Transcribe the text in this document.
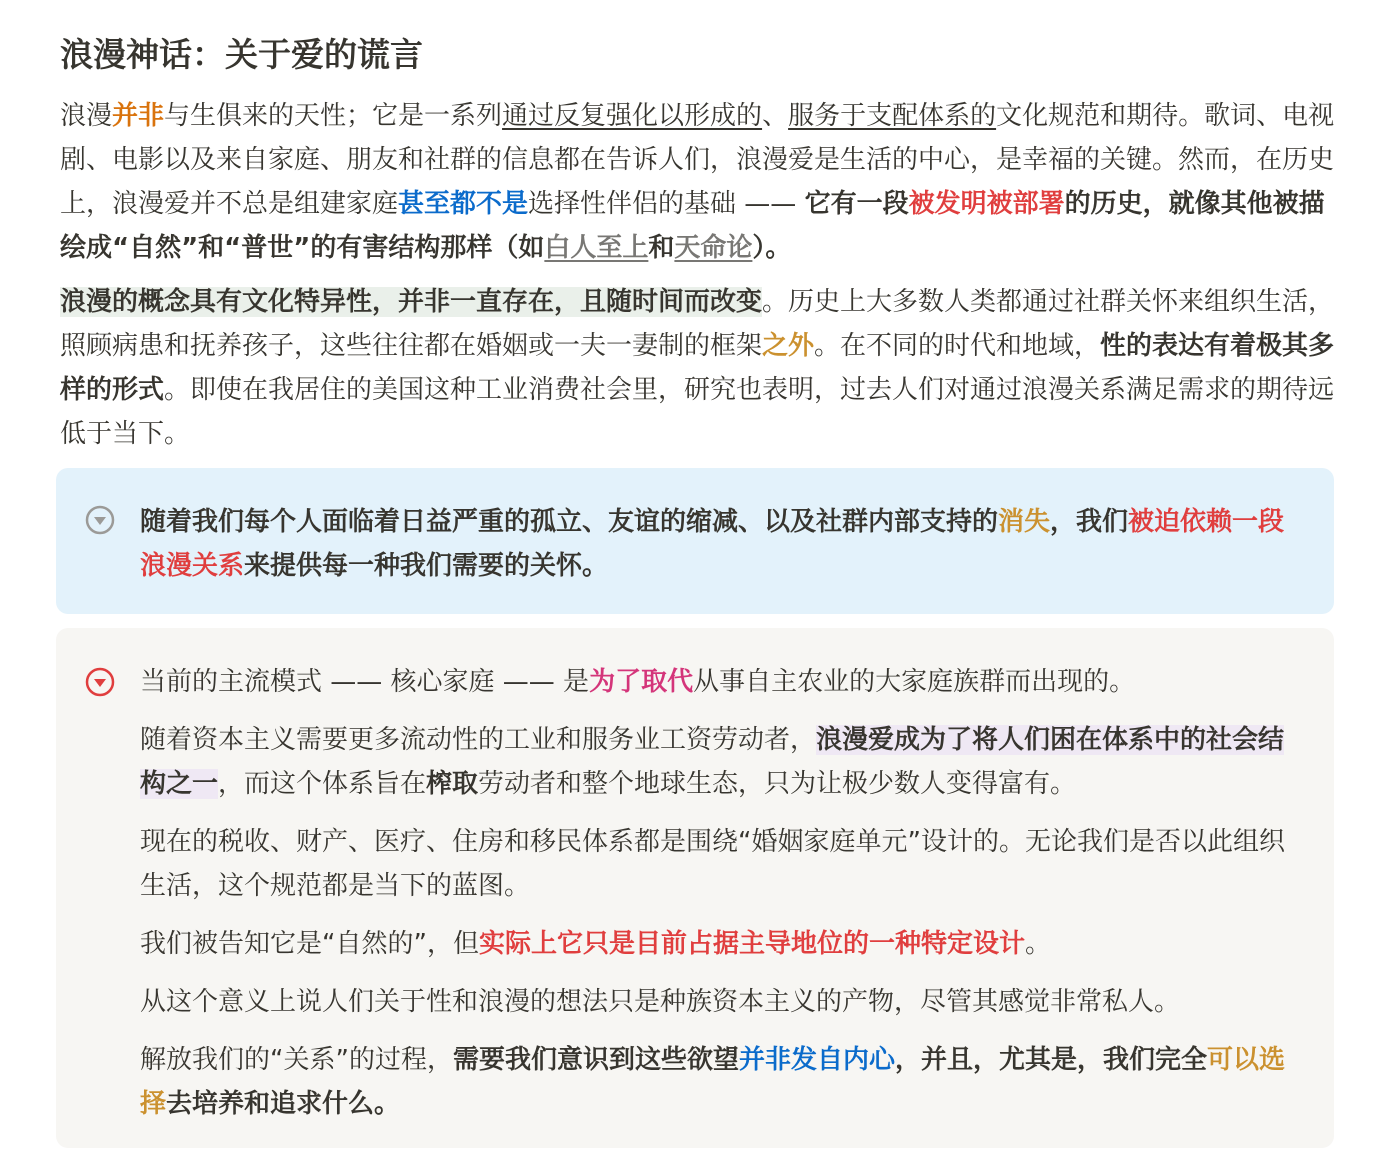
浪漫神话：关于爱的谎言

浪漫并非与生俱来的天性；它是一系列通过反复强化以形成的、服务于支配体系的文化规范和期待。歌词、电视剧、电影以及来自家庭、朋友和社群的信息都在告诉人们，浪漫爱是生活的中心，是幸福的关键。然而，在历史上，浪漫爱并不总是组建家庭甚至都不是选择性伴侣的基础 —— 它有一段被发明被部署的历史，就像其他被描绘成“自然”和“普世”的有害结构那样（如白人至上和天命论）。

浪漫的概念具有文化特异性，并非一直存在，且随时间而改变。历史上大多数人类都通过社群关怀来组织生活，照顾病患和抚养孩子，这些往往都在婚姻或一夫一妻制的框架之外。在不同的时代和地域，性的表达有着极其多样的形式。即使在我居住的美国这种工业消费社会里，研究也表明，过去人们对通过浪漫关系满足需求的期待远低于当下。

随着我们每个人面临着日益严重的孤立、友谊的缩减、以及社群内部支持的消失，我们被迫依赖一段浪漫关系来提供每一种我们需要的关怀。

当前的主流模式 —— 核心家庭 —— 是为了取代从事自主农业的大家庭族群而出现的。

随着资本主义需要更多流动性的工业和服务业工资劳动者，浪漫爱成为了将人们困在体系中的社会结构之一，而这个体系旨在榨取劳动者和整个地球生态，只为让极少数人变得富有。

现在的税收、财产、医疗、住房和移民体系都是围绕“婚姻家庭单元”设计的。无论我们是否以此组织生活，这个规范都是当下的蓝图。

我们被告知它是“自然的”，但实际上它只是目前占据主导地位的一种特定设计。

从这个意义上说人们关于性和浪漫的想法只是种族资本主义的产物，尽管其感觉非常私人。

解放我们的“关系”的过程，需要我们意识到这些欲望并非发自内心，并且，尤其是，我们完全可以选择去培养和追求什么。
